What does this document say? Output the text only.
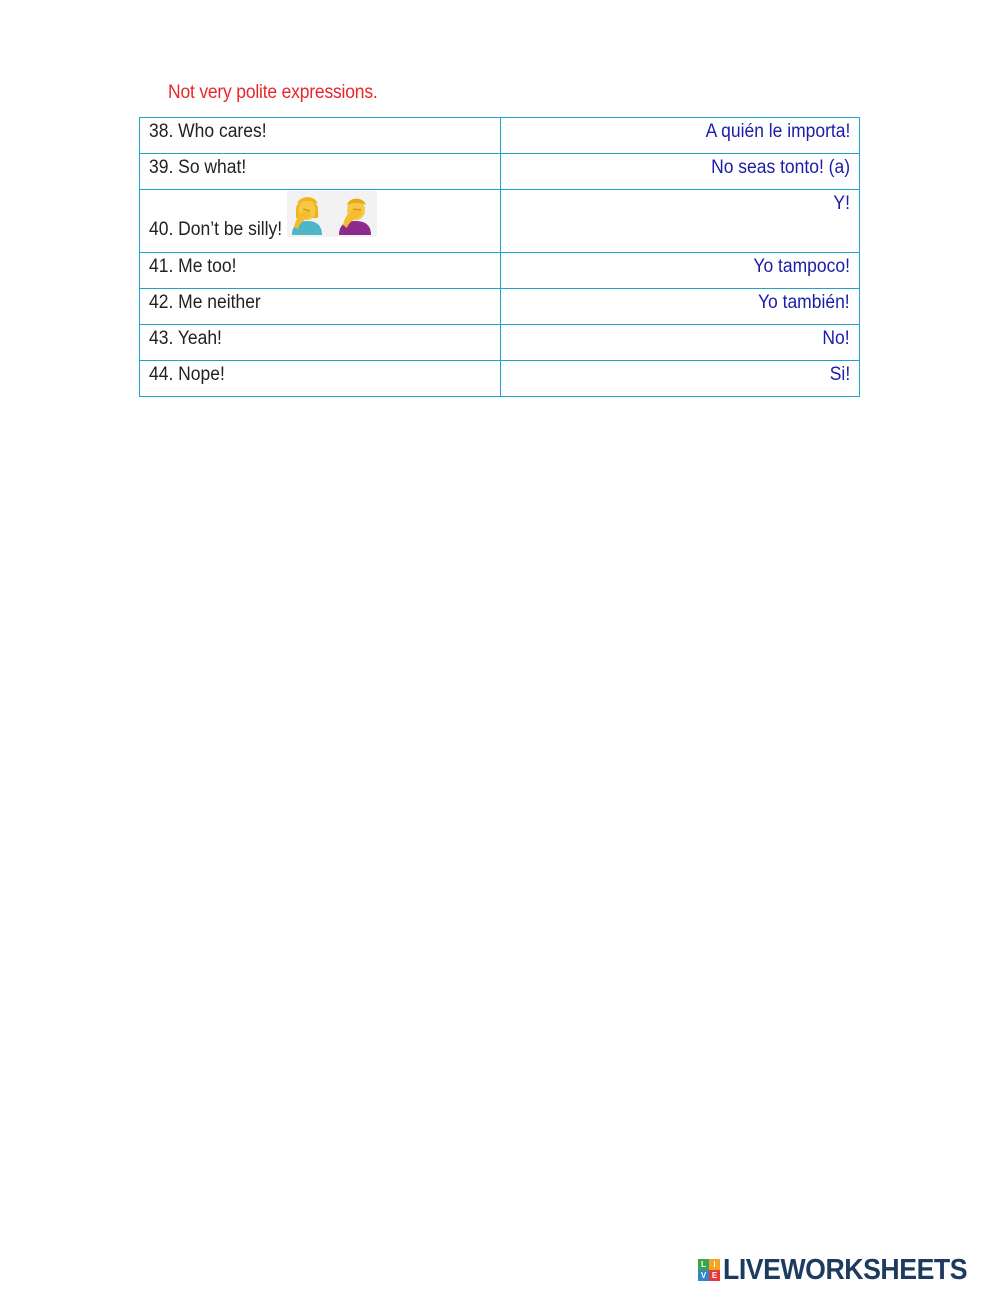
Not very polite expressions.
38. Who cares!	A quién le importa!
39. So what!	No seas tonto! (a)
40. Don’t be silly!	Y!
41. Me too!	Yo tampoco!
42. Me neither	Yo también!
43. Yeah!	No!
44. Nope!	Si!
L I
V E LIVEWORKSHEETS
